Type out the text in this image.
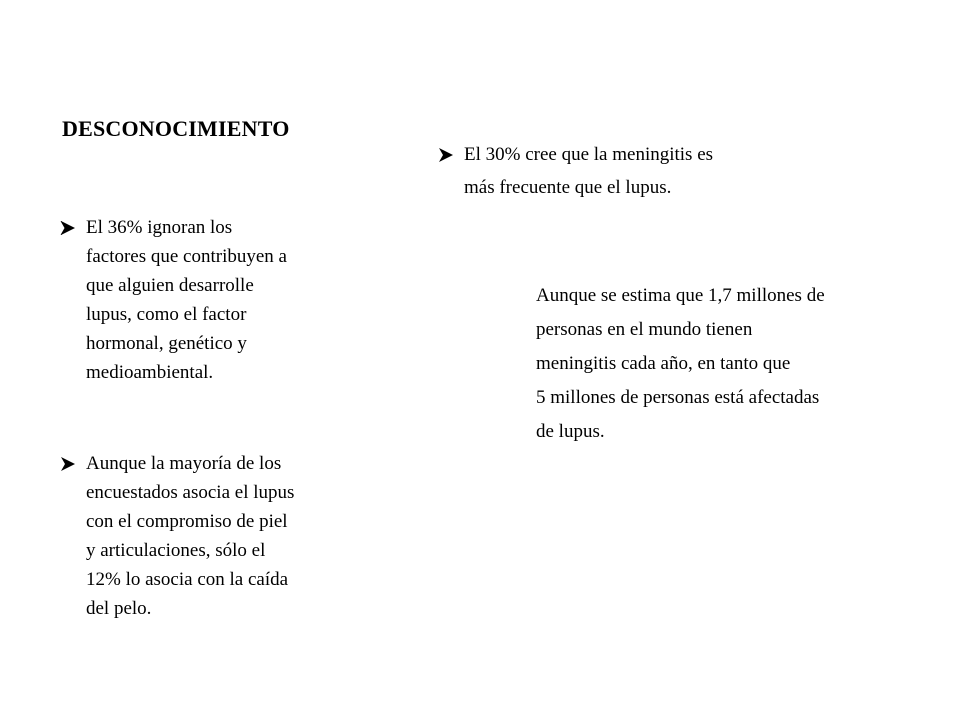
DESCONOCIMIENTO
El 36% ignoran los
factores que contribuyen a
que alguien desarrolle
lupus, como el factor
hormonal, genético y
medioambiental.
Aunque la mayoría de los
encuestados asocia el lupus
con el compromiso de piel
y articulaciones, sólo el
12% lo asocia con la caída
del pelo.
El 30% cree que la meningitis es
más frecuente que el lupus.

Aunque se estima que 1,7 millones de
personas en el mundo tienen
meningitis cada año, en tanto que
5 millones de personas está afectadas
de lupus.
